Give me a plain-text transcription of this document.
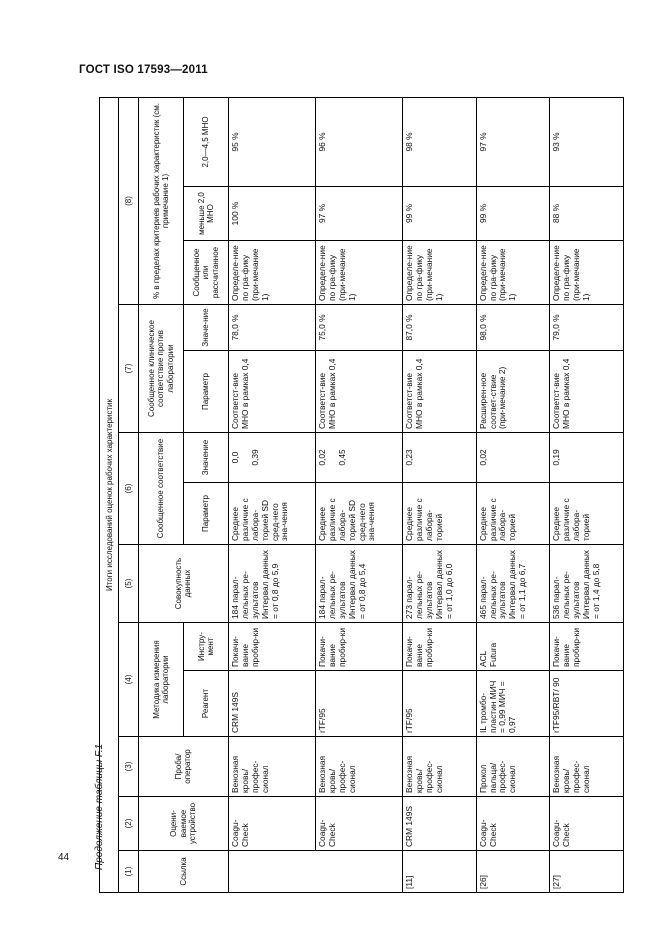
ГОСТ ISO 17593—2011
44 Продолжение таблицы F.1
Итоги исследований оценок рабочих характеристик												
(1)	(2)	(3)	(4)		(5)	(6)		(7)		(8)		
Ссылка	Оцени-ваемое устройство	Проба/ оператор	Методика измерения лаборатории		Совокупность данных	Сообщенное соответствие		Сообщенное клиническое соответствие против лаборатории		% в пределах критериев рабочих характеристик (см. примечание 1)		
			Реагент	Инстру-мент		Параметр	Значение	Параметр	Значе-ние	Сообщенное или рассчитанное	меньше 2,0 МНО	2,0—4,5 МНО
	Coagu-Check	Венозная кровь/ профес-сионал	CRM 149S	Покачи-вание пробир-ки	184 парал-лельных ре-зультатов Интервал данных = от 0,8 до 5,9	Среднее различие с лабора-торией SD сред-него зна-чения	0,0 0,39	Соответст-вие МНО в рамках 0,4	78,0 %	Определе-ние по гра-фику (при-мечание 1)	100 %	95 %
	Coagu-Check	Венозная кровь/ профес-сионал	rTF/95	Покачи-вание пробир-ки	184 парал-лельных ре-зультатов Интервал данных = от 0,8 до 5,4	Среднее различие с лабора-торией SD сред-него зна-чения	0,02 0,45	Соответст-вие МНО в рамках 0,4	75,0 %	Определе-ние по гра-фику (при-мечание 1)	97 %	96 %
[11]	CRM 149S	Венозная кровь/ профес-сионал	rTF/95	Покачи-вание пробир-ки	273 парал-лельных ре-зультатов Интервал данных = от 1,0 до 6,0	Среднее различие с лабора-торией	0,23	Соответст-вие МНО в рамках 0,4	87,0 %	Определе-ние по гра-фику (при-мечание 1)	99 %	98 %
[26]	Coagu-Check	Прокол пальца/ профес-сионал	IL тромбо-пластин МИЧ = 0,99 МИЧ = 0,97	ACL Futura	465 парал-лельных ре-зультатов Интервал данных = от 1,1 до 6,7	Среднее различие с лабора-торией	0,02	Расширен-ное соответ-ствие (при-мечание 2)	98,0 %	Определе-ние по гра-фику (при-мечание 1)	99 %	97 %
[27]	Coagu-Check	Венозная кровь/ профес-сионал	rTF95/RBT/ 90	Покачи-вание пробир-ки	536 парал-лельных ре-зультатов Интервал данных = от 1,4 до 5,8	Среднее различие с лабора-торией	0,19	Соответст-вие МНО в рамках 0,4	79,0 %	Определе-ние по гра-фику (при-мечание 1)	88 %	93 %
